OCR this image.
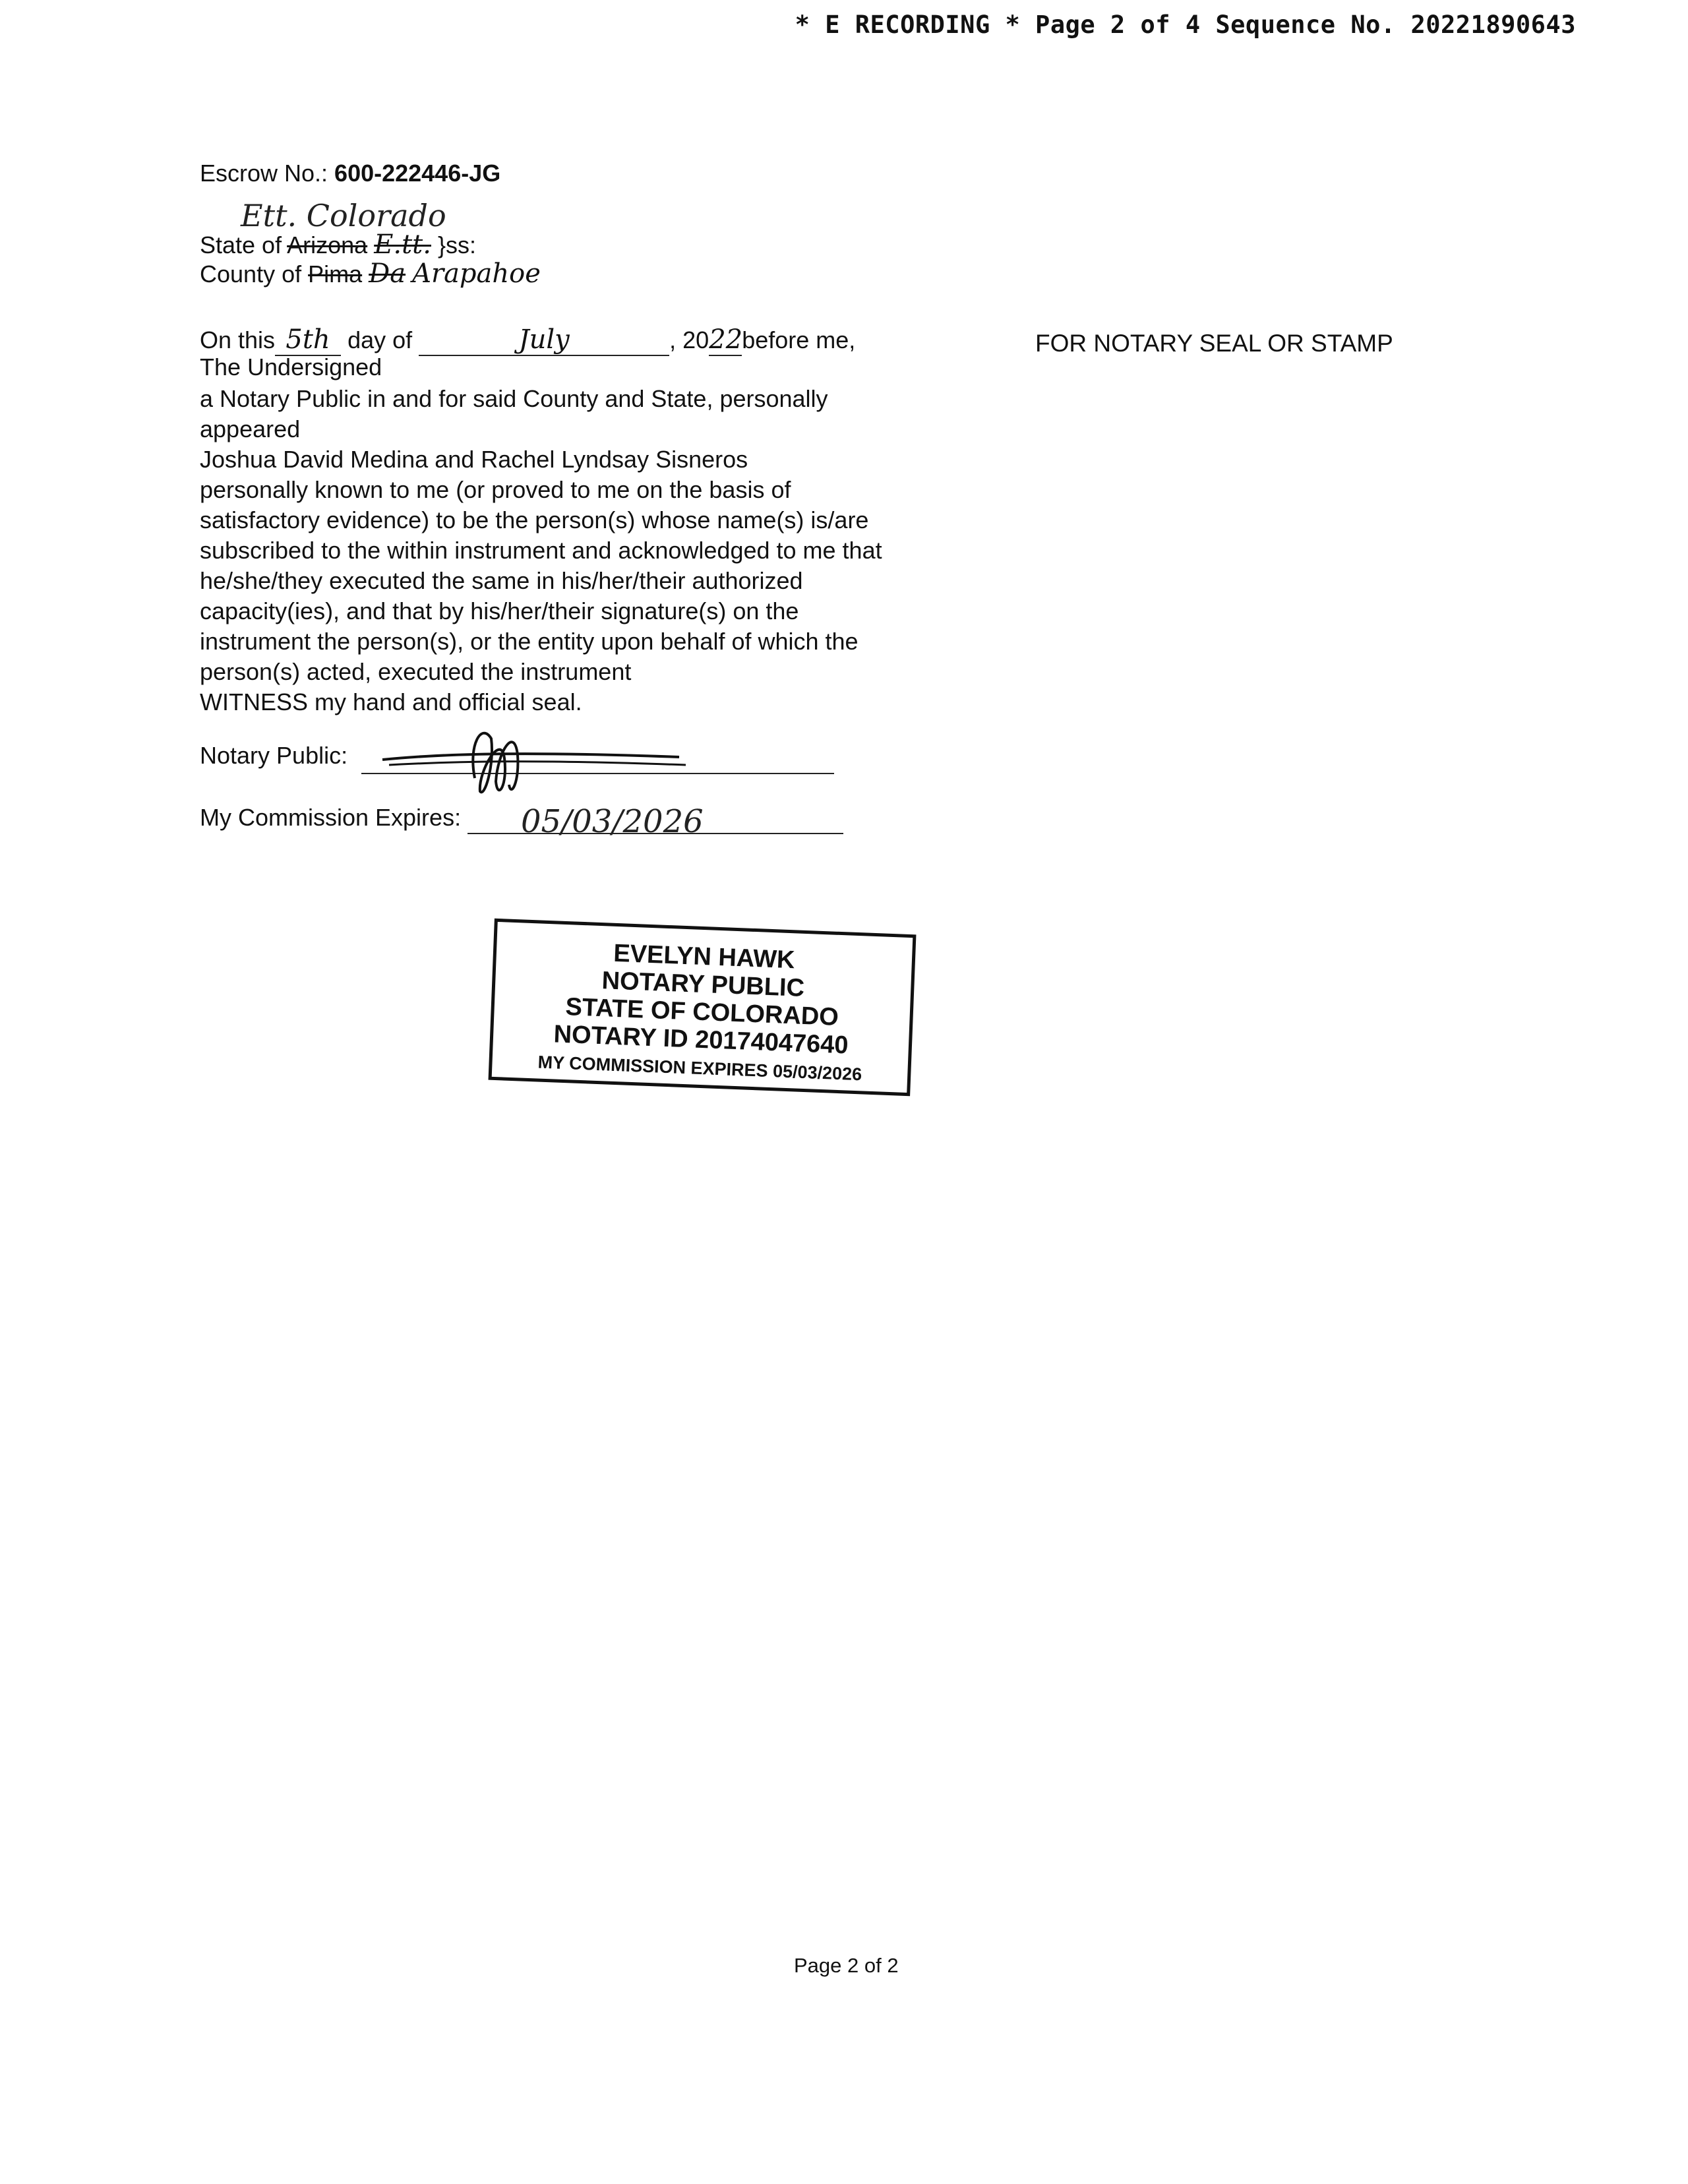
* E RECORDING * Page 2 of 4 Sequence No. 20221890643
Escrow No.: 600-222446-JG
Ett. Colorado
State of Arizona E.tt. }ss:
County of Pima Da Arapahoe
On this 5th day of	July	, 2022before me,
The Undersigned
a Notary Public in and for said County and State, personally
appeared
Joshua David Medina and Rachel Lyndsay Sisneros
personally known to me (or proved to me on the basis of
satisfactory evidence) to be the person(s) whose name(s) is/are
subscribed to the within instrument and acknowledged to me that
he/she/they executed the same in his/her/their authorized
capacity(ies), and that by his/her/their signature(s) on the
instrument the person(s), or the entity upon behalf of which the
person(s) acted, executed the instrument
WITNESS my hand and official seal.
FOR NOTARY SEAL OR STAMP
Notary Public:
My Commission Expires:	05/03/2026
EVELYN HAWK
NOTARY PUBLIC
STATE OF COLORADO
NOTARY ID 20174047640
MY COMMISSION EXPIRES 05/03/2026
Page 2 of 2
